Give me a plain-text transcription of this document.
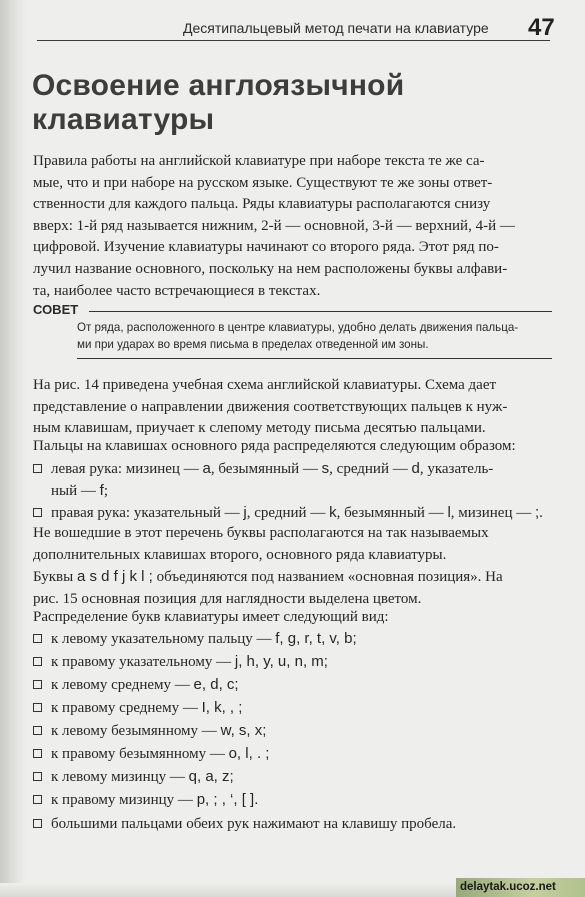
Десятипальцевый метод печати на клавиатуре 47
Освоение англоязычной
клавиатуры

Правила работы на английской клавиатуре при наборе текста те же са-
мые, что и при наборе на русском языке. Существуют те же зоны ответ-
ственности для каждого пальца. Ряды клавиатуры располагаются снизу
вверх: 1-й ряд называется нижним, 2-й — основной, 3-й — верхний, 4-й —
цифровой. Изучение клавиатуры начинают со второго ряда. Этот ряд по-
лучил название основного, поскольку на нем расположены буквы алфави-
та, наиболее часто встречающиеся в текстах.

СОВЕТ

От ряда, расположенного в центре клавиатуры, удобно делать движения пальца-
ми при ударах во время письма в пределах отведенной им зоны.

На рис. 14 приведена учебная схема английской клавиатуры. Схема дает
представление о направлении движения соответствующих пальцев к нуж-
ным клавишам, приучает к слепому методу письма десятью пальцами.

Пальцы на клавишах основного ряда распределяются следующим образом:

левая рука: мизинец — a, безымянный — s, средний — d, указатель-
ный — f;
правая рука: указательный — j, средний — k, безымянный — l, мизинец — ;.

Не вошедшие в этот перечень буквы располагаются на так называемых
дополнительных клавишах второго, основного ряда клавиатуры.

Буквы a s d f j k l ; объединяются под названием «основная позиция». На
рис. 15 основная позиция для наглядности выделена цветом.

Распределение букв клавиатуры имеет следующий вид:

к левому указательному пальцу — f, g, r, t, v, b;
к правому указательному — j, h, y, u, n, m;
к левому среднему — e, d, c;
к правому среднему — I, k, , ;
к левому безымянному — w, s, x;
к правому безымянному — o, l, . ;
к левому мизинцу — q, a, z;
к правому мизинцу — p, ; , ‘, [ ].
большими пальцами обеих рук нажимают на клавишу пробела.
delaytak.ucoz.net
